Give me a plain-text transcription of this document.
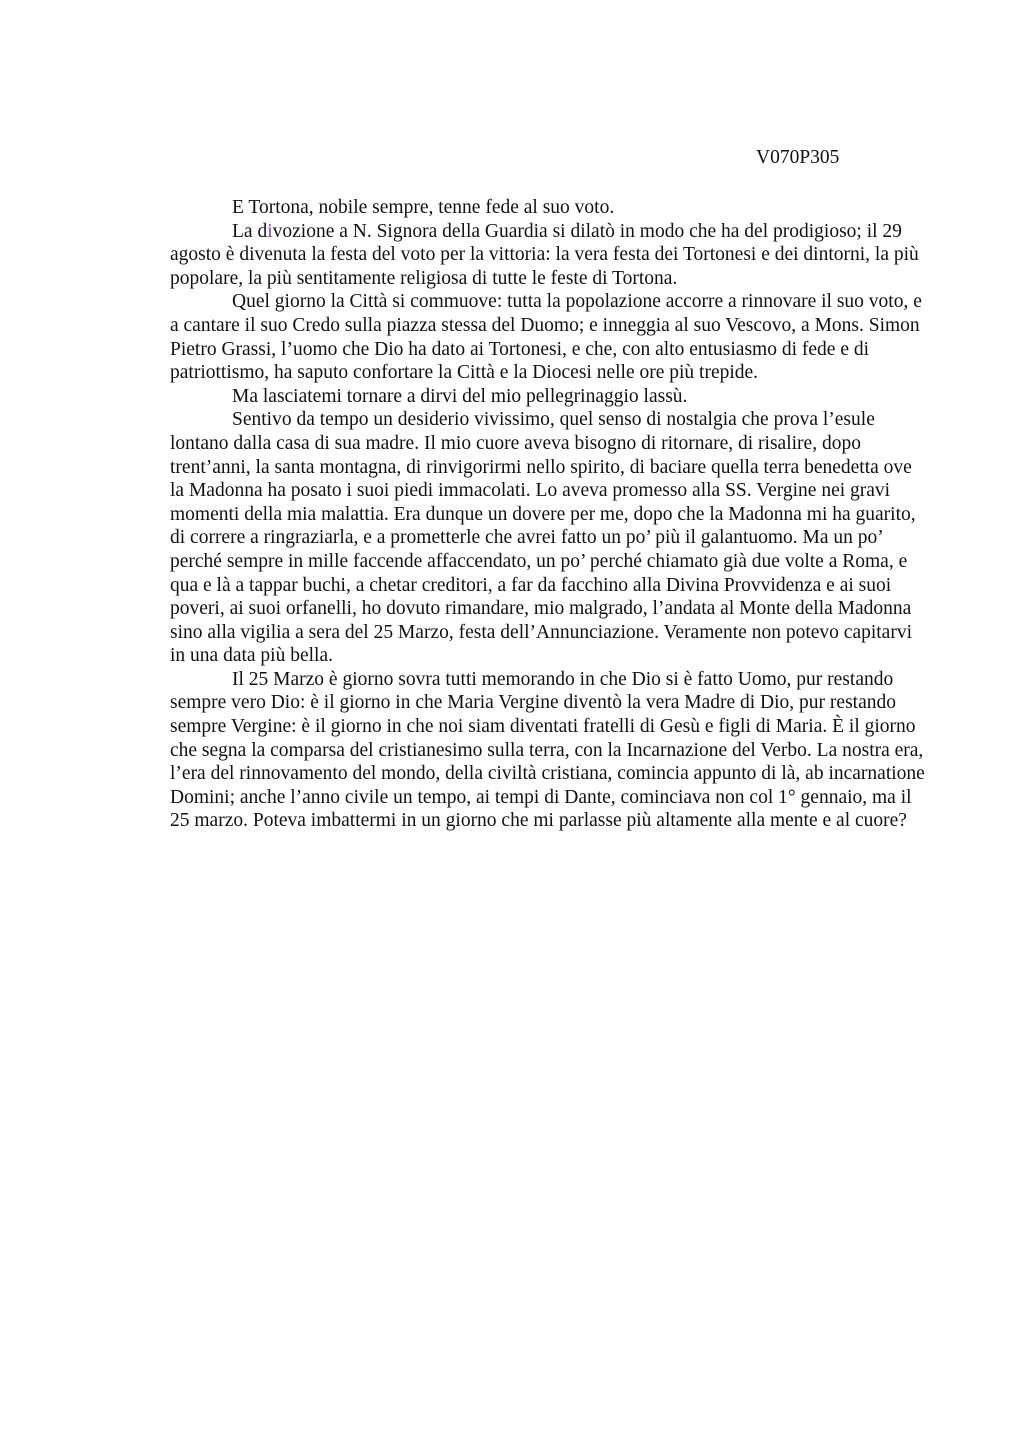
V070P305

E Tortona, nobile sempre, tenne fede al suo voto.

La divozione a N. Signora della Guardia si dilatò in modo che ha del prodigioso; il 29 agosto è divenuta la festa del voto per la vittoria: la vera festa dei Tortonesi e dei dintorni, la più popolare, la più sentitamente religiosa di tutte le feste di Tortona.

Quel giorno la Città si commuove: tutta la popolazione accorre a rinnovare il suo voto, e a cantare il suo Credo sulla piazza stessa del Duomo; e inneggia al suo Vescovo, a Mons. Simon Pietro Grassi, l’uomo che Dio ha dato ai Tortonesi, e che, con alto entusiasmo di fede e di patriottismo, ha saputo confortare la Città e la Diocesi nelle ore più trepide.

Ma lasciatemi tornare a dirvi del mio pellegrinaggio lassù.

Sentivo da tempo un desiderio vivissimo, quel senso di nostalgia che prova l’esule lontano dalla casa di sua madre. Il mio cuore aveva bisogno di ritornare, di risalire, dopo trent’anni, la santa montagna, di rinvigorirmi nello spirito, di baciare quella terra benedetta ove la Madonna ha posato i suoi piedi immacolati. Lo aveva promesso alla SS. Vergine nei gravi momenti della mia malattia. Era dunque un dovere per me, dopo che la Madonna mi ha guarito, di correre a ringraziarla, e a prometterle che avrei fatto un po’ più il galantuomo. Ma un po’ perché sempre in mille faccende affaccendato, un po’ perché chiamato già due volte a Roma, e qua e là a tappar buchi, a chetar creditori, a far da facchino alla Divina Provvidenza e ai suoi poveri, ai suoi orfanelli, ho dovuto rimandare, mio malgrado, l’andata al Monte della Madonna sino alla vigilia a sera del 25 Marzo, festa dell’Annunciazione. Veramente non potevo capitarvi in una data più bella.

Il 25 Marzo è giorno sovra tutti memorando in che Dio si è fatto Uomo, pur restando sempre vero Dio: è il giorno in che Maria Vergine diventò la vera Madre di Dio, pur restando sempre Vergine: è il giorno in che noi siam diventati fratelli di Gesù e figli di Maria. È il giorno che segna la comparsa del cristianesimo sulla terra, con la Incarnazione del Verbo. La nostra era, l’era del rinnovamento del mondo, della civiltà cristiana, comincia appunto di là, ab incarnatione Domini; anche l’anno civile un tempo, ai tempi di Dante, cominciava non col 1° gennaio, ma il 25 marzo. Poteva imbattermi in un giorno che mi parlasse più altamente alla mente e al cuore?
